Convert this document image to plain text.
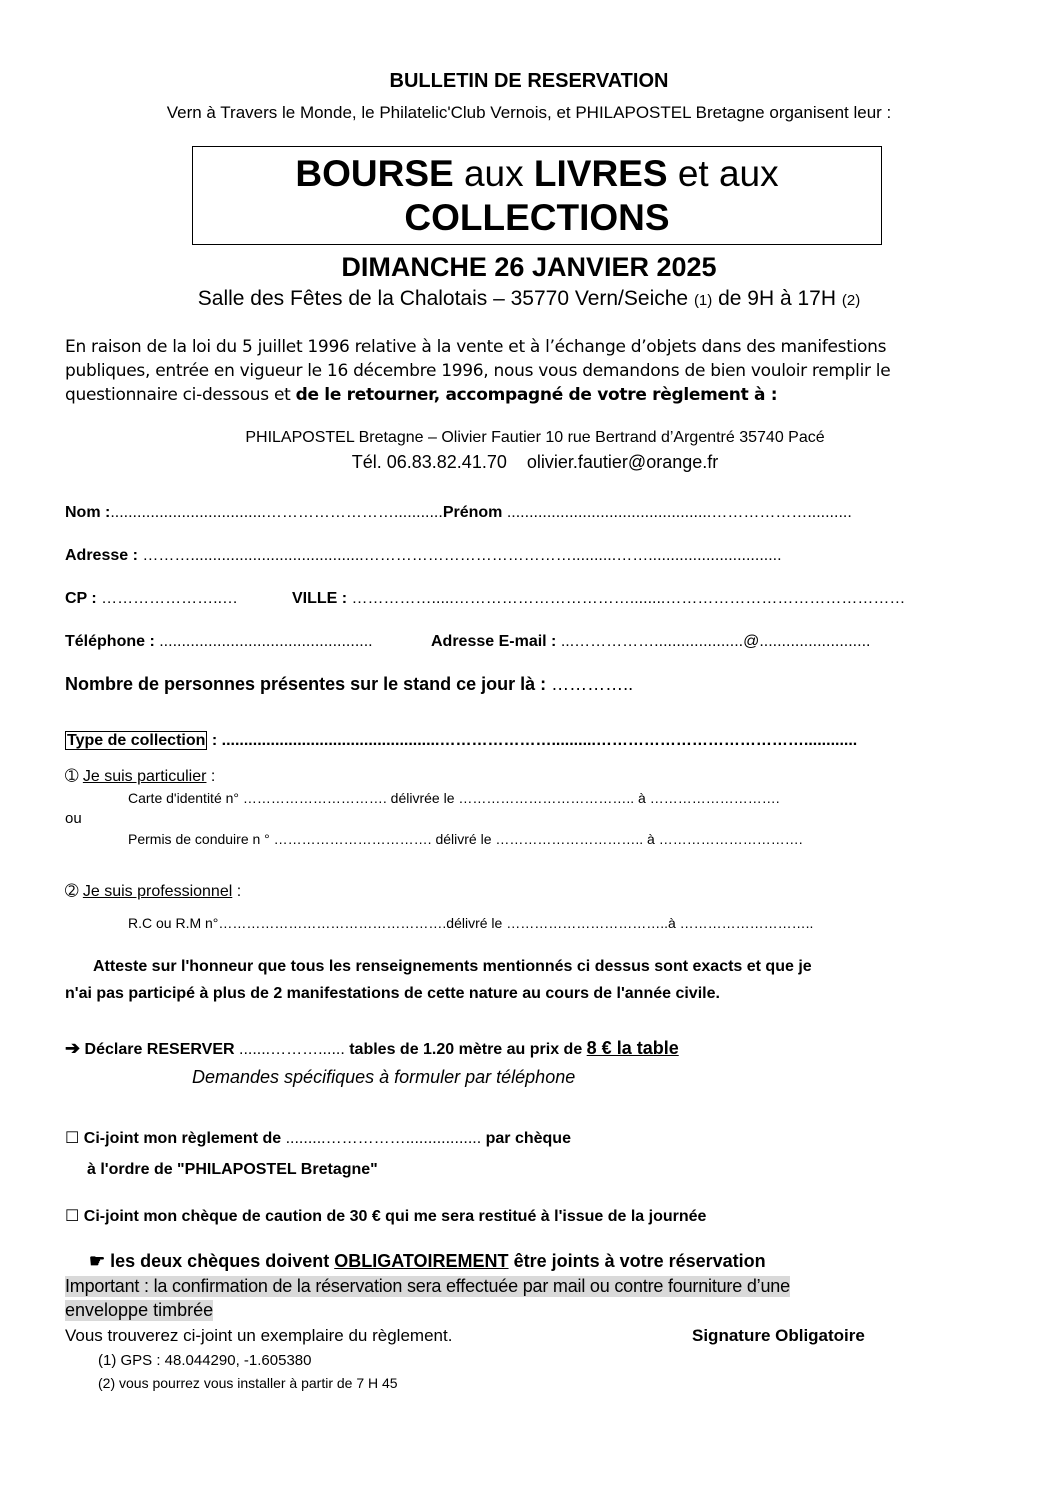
BULLETIN DE RESERVATION
Vern à Travers le Monde, le Philatelic'Club Vernois, et PHILAPOSTEL Bretagne organisent leur :
BOURSE aux LIVRES et aux
COLLECTIONS
DIMANCHE 26 JANVIER 2025
Salle des Fêtes de la Chalotais – 35770 Vern/Seiche (1) de 9H à 17H (2)
En raison de la loi du 5 juillet 1996 relative à la vente et à l’échange d’objets dans des manifestions
publiques, entrée en vigueur le 16 décembre 1996, nous vous demandons de bien vouloir remplir le
questionnaire ci-dessous et de le retourner, accompagné de votre règlement à :
PHILAPOSTEL Bretagne – Olivier Fautier 10 rue Bertrand d’Argentré 35740 Pacé
Tél. 06.83.82.41.70 olivier.fautier@orange.fr
Nom :...................................……………………...........Prénom ..............................................………………..........
Adresse : ……….......................................…………………………………..........……..............................
CP : …………………..…	VILLE : …………….....……………………………........………………………………………
Téléphone : ................................................	Adresse E-mail : ...……………....................@.........................
Nombre de personnes présentes sur le stand ce jour là : …………..
Type de collection : .................................................…………………..........…………………………………............
➀ Je suis particulier :
Carte d'identité n° …………………………. délivrée le ……………………………….. à ……………………….
ou
Permis de conduire n ° ……………………………. délivré le ………………………….. à ………………………….
➁ Je suis professionnel :
R.C ou R.M n°………………………………………….délivré le ……………………………..à ………………………..
Atteste sur l'honneur que tous les renseignements mentionnés ci dessus sont exacts et que je
n'ai pas participé à plus de 2 manifestations de cette nature au cours de l'année civile.
➔ Déclare RESERVER .......………...... tables de 1.20 mètre au prix de 8 € la table
Demandes spécifiques à formuler par téléphone
☐ Ci-joint mon règlement de .........……………................. par chèque
à l'ordre de "PHILAPOSTEL Bretagne"
☐ Ci-joint mon chèque de caution de 30 € qui me sera restitué à l'issue de la journée
☛ les deux chèques doivent OBLIGATOIREMENT être joints à votre réservation
Important : la confirmation de la réservation sera effectuée par mail ou contre fourniture d’une
enveloppe timbrée
Vous trouverez ci-joint un exemplaire du règlement.	Signature Obligatoire
(1) GPS : 48.044290, -1.605380
(2) vous pourrez vous installer à partir de 7 H 45
